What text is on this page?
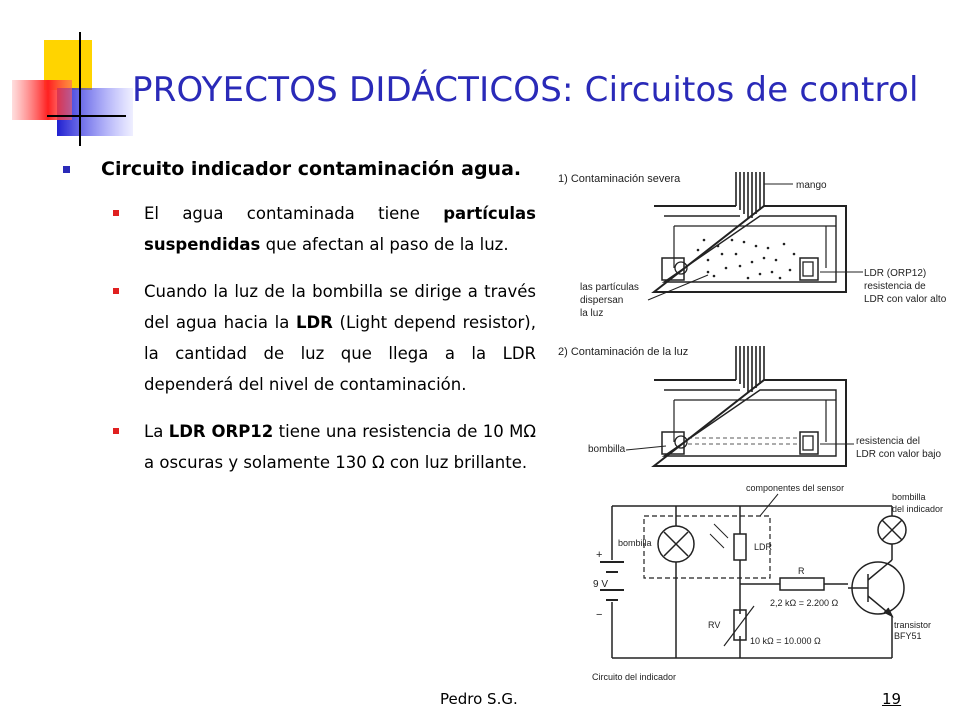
PROYECTOS DIDÁCTICOS: Circuitos de control
Circuito indicador contaminación agua.
El agua contaminada tiene partículas suspendidas que afectan al paso de la luz.
Cuando la luz de la bombilla se dirige a través del agua hacia la LDR (Light depend resistor), la cantidad de luz que llega a la LDR dependerá del nivel de contaminación.
La LDR ORP12 tiene una resistencia de 10 MΩ a oscuras y solamente 130 Ω con luz brillante.
1) Contaminación severa
mango
las partículas
dispersan
la luz
LDR (ORP12)
resistencia de
LDR con valor alto
2) Contaminación de la luz
bombilla
resistencia del
LDR con valor bajo
componentes del sensor
bombilla
del indicador
+
9 V
−
bombilla	LDR
R
2,2 kΩ = 2.200 Ω
RV
10 kΩ = 10.000 Ω
transistor
BFY51
Circuito del indicador
Pedro S.G.	19
